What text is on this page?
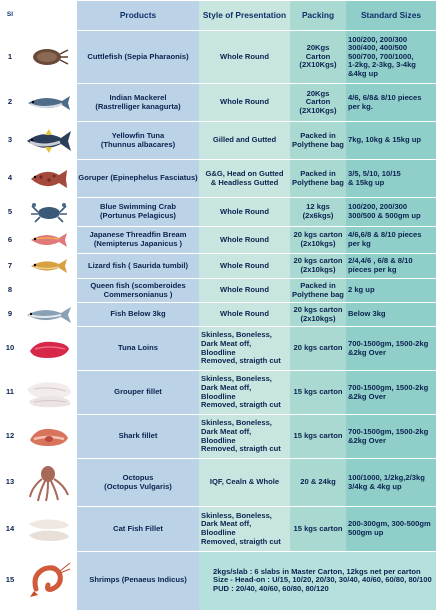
Sl		Products	Style of Presentation	Packing	Standard Sizes
1		Cuttlefish (Sepia Pharaonis)	Whole Round	20Kgs
Carton
(2X10Kgs)	100/200, 200/300
300/400, 400/500
500/700, 700/1000,
1-2kg, 2-3kg, 3-4kg
&4kg up
2		Indian Mackerel
(Rastrelliger kanagurta)	Whole Round	20Kgs
Carton
(2X10Kgs)	4/6, 6/8& 8/10 pieces
per kg.
3		Yellowfin Tuna
(Thunnus albacares)	Gilled and Gutted	Packed in
Polythene bag	7kg, 10kg & 15kg up
4		Goruper (Epinephelus Fasciatus)	G&G, Head on Gutted
& Headless Gutted	Packed in
Polythene bag	3/5, 5/10, 10/15
& 15kg up
5		Blue Swimming Crab
(Portunus Pelagicus)	Whole Round	12 kgs
(2x6kgs)	100/200, 200/300
300/500 & 500gm up
6		Japanese Threadfin Bream
(Nemipterus Japanicus )	Whole Round	20 kgs carton
(2x10kgs)	4/6,6/8 & 8/10 pieces
per kg
7		Lizard fish ( Saurida tumbil)	Whole Round	20 kgs carton
(2x10kgs)	2/4,4/6 , 6/8 & 8/10
pieces per kg
8		Queen fish (scomberoides
Commersonianus )	Whole Round	Packed in
Polythene bag	2 kg up
9		Fish Below 3kg	Whole Round	20 kgs carton
(2x10kgs)	Below 3kg
10		Tuna Loins	Skinless, Boneless,
Dark Meat off,
Bloodline
Removed, straigth cut	20 kgs carton	700-1500gm, 1500-2kg
&2kg Over
11		Grouper fillet	Skinless, Boneless,
Dark Meat off,
Bloodline
Removed, straigth cut	15 kgs carton	700-1500gm, 1500-2kg
&2kg Over
12		Shark fillet	Skinless, Boneless,
Dark Meat off,
Bloodline
Removed, straigth cut	15 kgs carton	700-1500gm, 1500-2kg
&2kg Over
13		Octopus
(Octopus Vulgaris)	IQF, Cealn & Whole	20 & 24kg	100/1000, 1/2kg,2/3kg
3/4kg & 4kg up
14		Cat Fish Fillet	Skinless, Boneless,
Dark Meat off,
Bloodline
Removed, straigth cut	15 kgs carton	200-300gm, 300-500gm
500gm up
15		Shrimps (Penaeus Indicus)	2kgs/slab : 6 slabs in Master Carton, 12kgs net per carton
Size - Head-on : U/15, 10/20, 20/30, 30/40, 40/60, 60/80, 80/100
PUD : 20/40, 40/60, 60/80, 80/120		
